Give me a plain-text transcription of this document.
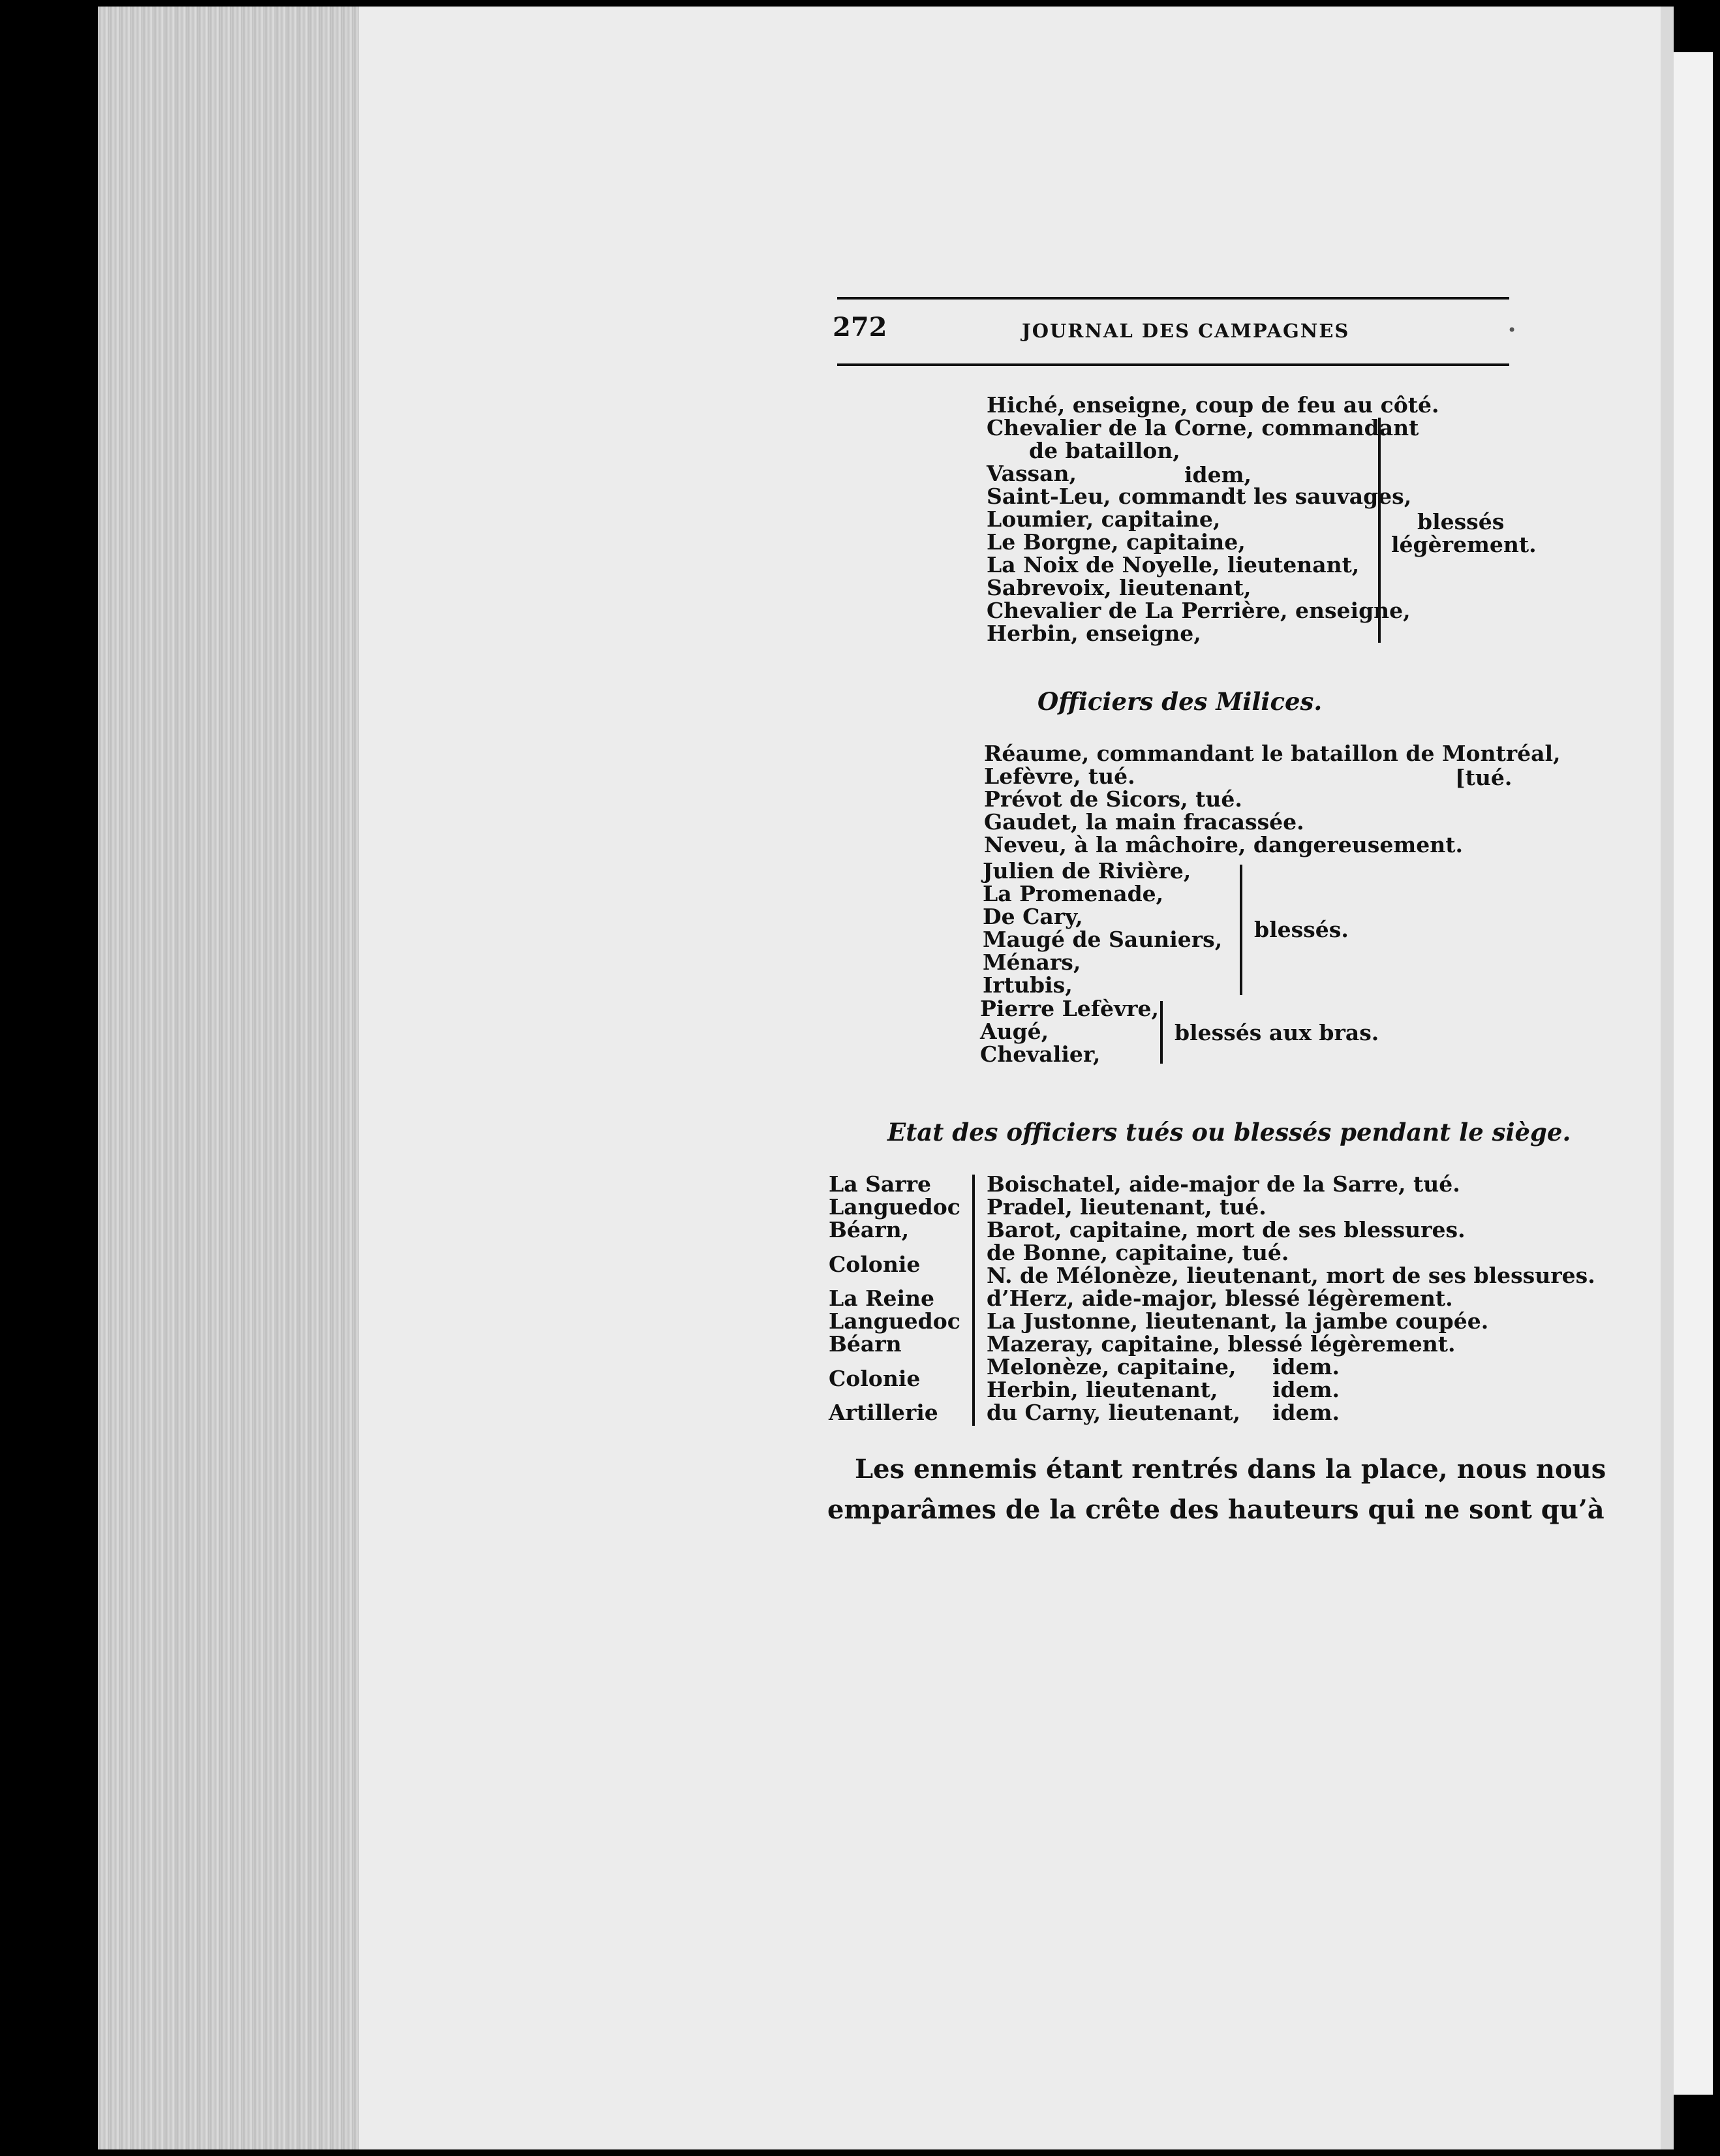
272	JOURNAL DES CAMPAGNES	•
Hiché, enseigne, coup de feu au côté.
Chevalier de la Corne, commandant
de bataillon,
Vassan,
Saint-Leu, commandt les sauvages,
Loumier, capitaine,
Le Borgne, capitaine,
La Noix de Noyelle, lieutenant,
Sabrevoix, lieutenant,
Chevalier de La Perrière, enseigne,
Herbin, enseigne,
idem,
blessés
légèrement.
Officiers des Milices.
Réaume, commandant le bataillon de Montréal,
Lefèvre, tué.
Prévot de Sicors, tué.
Gaudet, la main fracassée.
Neveu, à la mâchoire, dangereusement.
[tué.
Julien de Rivière,
La Promenade,
De Cary,
Maugé de Sauniers,
Ménars,
Irtubis,
blessés.
Pierre Lefèvre,
Augé,
Chevalier,
blessés aux bras.
Etat des officiers tués ou blessés pendant le siège.
La Sarre
Languedoc
Béarn,
Colonie
La Reine
Languedoc
Béarn
Colonie
Artillerie
Boischatel, aide-major de la Sarre, tué.
Pradel, lieutenant, tué.
Barot, capitaine, mort de ses blessures.
de Bonne, capitaine, tué.
N. de Mélonèze, lieutenant, mort de ses blessures.
d’Herz, aide-major, blessé légèrement.
La Justonne, lieutenant, la jambe coupée.
Mazeray, capitaine, blessé légèrement.
Melonèze, capitaine,
Herbin, lieutenant,
du Carny, lieutenant,
idem.
idem.
idem.
Les ennemis étant rentrés dans la place, nous nous
emparâmes de la crête des hauteurs qui ne sont qu’à
